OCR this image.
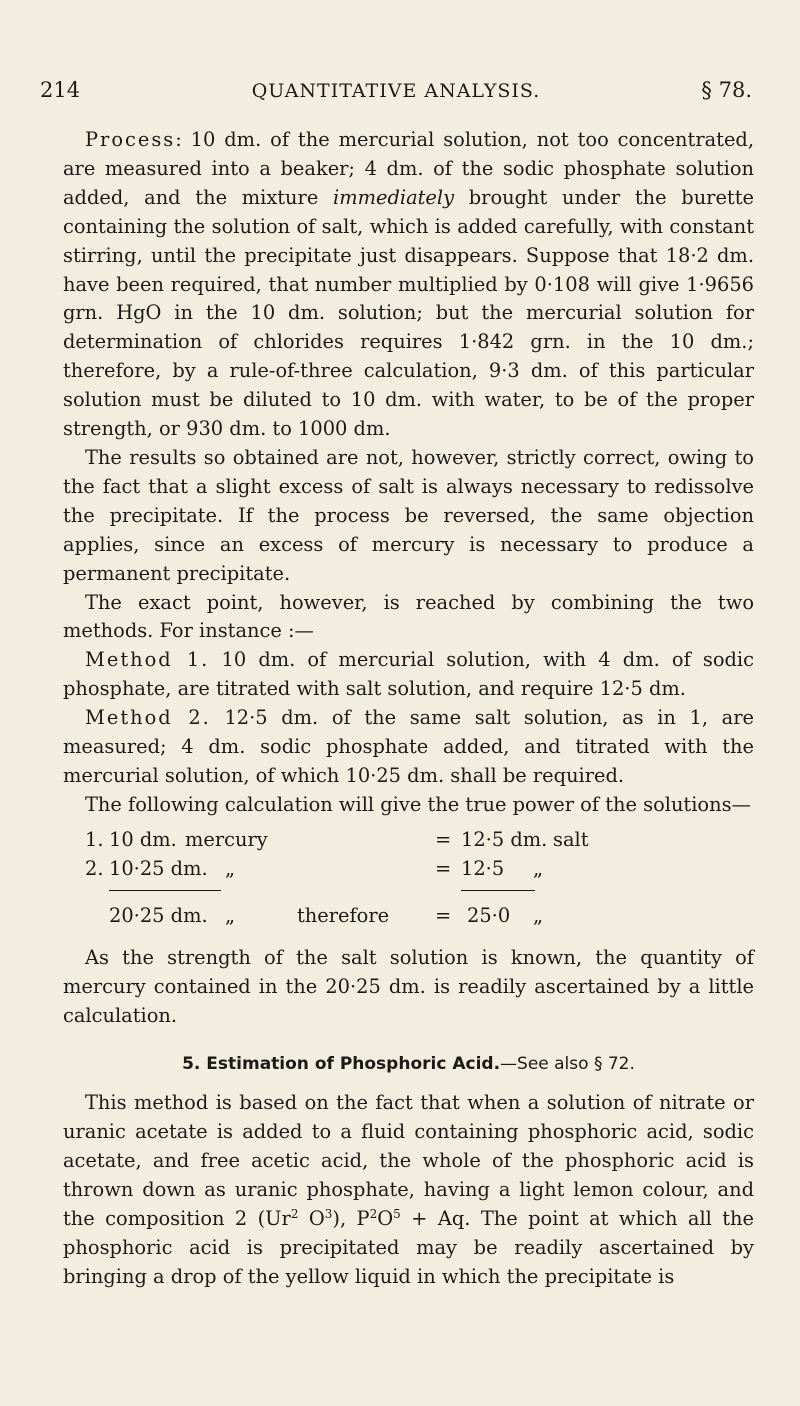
214	QUANTITATIVE ANALYSIS.	§ 78.

Process: 10 dm. of the mercurial solution, not too concentrated, are measured into a beaker; 4 dm. of the sodic phosphate solution added, and the mixture immediately brought under the burette containing the solution of salt, which is added carefully, with constant stirring, until the precipitate just disappears. Suppose that 18·2 dm. have been required, that number multiplied by 0·108 will give 1·9656 grn. HgO in the 10 dm. solution; but the mercurial solution for determination of chlorides requires 1·842 grn. in the 10 dm.; therefore, by a rule-of-three calculation, 9·3 dm. of this particular solution must be diluted to 10 dm. with water, to be of the proper strength, or 930 dm. to 1000 dm.

The results so obtained are not, however, strictly correct, owing to the fact that a slight excess of salt is always necessary to redissolve the precipitate. If the process be reversed, the same objection applies, since an excess of mercury is necessary to produce a permanent precipitate.

The exact point, however, is reached by combining the two methods. For instance :—

Method 1. 10 dm. of mercurial solution, with 4 dm. of sodic phosphate, are titrated with salt solution, and require 12·5 dm.

Method 2. 12·5 dm. of the same salt solution, as in 1, are measured; 4 dm. sodic phosphate added, and titrated with the mercurial solution, of which 10·25 dm. shall be required.

The following calculation will give the true power of the solutions—

1. 10 dm. mercury	= 12·5 dm. salt
2. 10·25 dm. „	= 12·5 „
20·25 dm. „	therefore = 25·0 „

As the strength of the salt solution is known, the quantity of mercury contained in the 20·25 dm. is readily ascertained by a little calculation.

5. Estimation of Phosphoric Acid.—See also § 72.

This method is based on the fact that when a solution of nitrate or uranic acetate is added to a fluid containing phosphoric acid, sodic acetate, and free acetic acid, the whole of the phosphoric acid is thrown down as uranic phosphate, having a light lemon colour, and the composition 2 (Ur$^2$ $O^3$), $P^2O^5 + Aq$. The point at which all the phosphoric acid is precipitated may be readily ascertained by bringing a drop of the yellow liquid in which the precipitate is
